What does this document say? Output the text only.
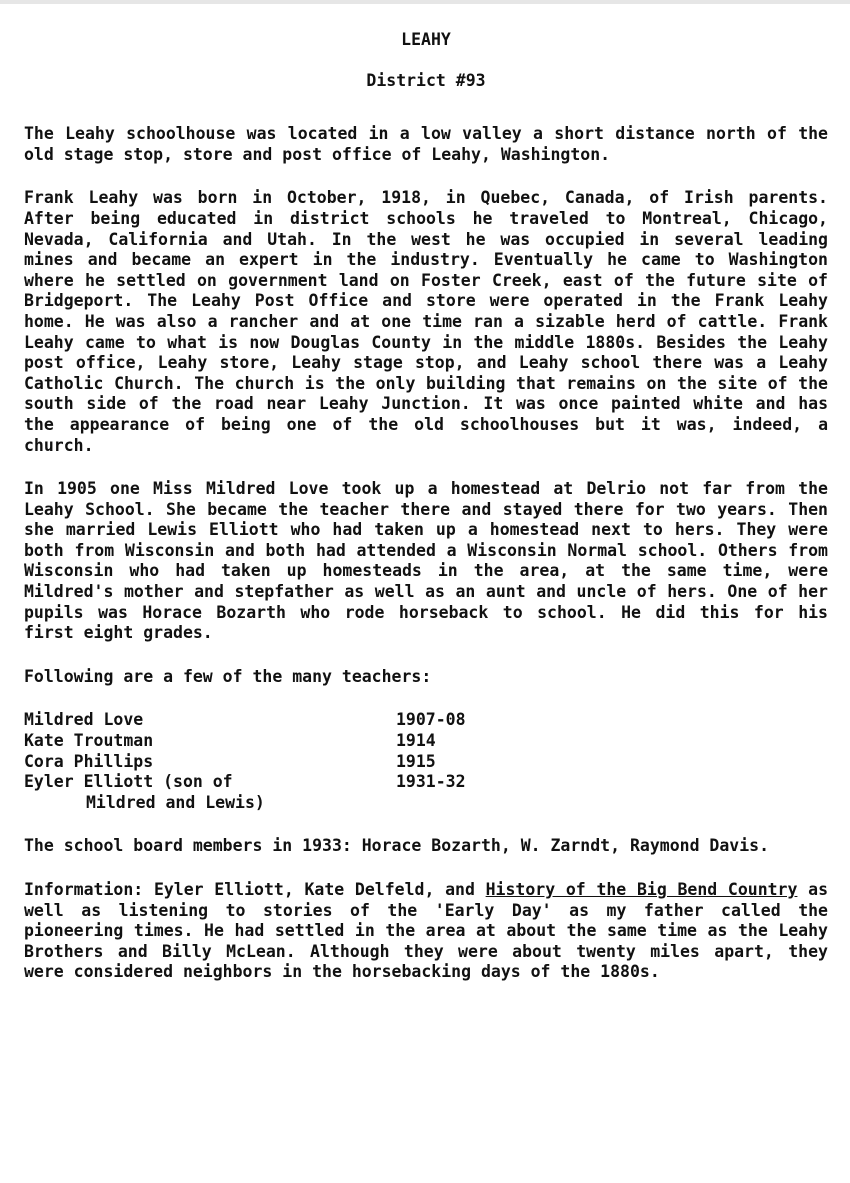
LEAHY
District #93

The Leahy schoolhouse was located in a low valley a short distance north of the old stage stop, store and post office of Leahy, Washington.

Frank Leahy was born in October, 1918, in Quebec, Canada, of Irish parents. After being educated in district schools he traveled to Montreal, Chicago, Nevada, California and Utah. In the west he was occupied in several leading mines and became an expert in the industry. Eventually he came to Washington where he settled on government land on Foster Creek, east of the future site of Bridgeport. The Leahy Post Office and store were operated in the Frank Leahy home. He was also a rancher and at one time ran a sizable herd of cattle. Frank Leahy came to what is now Douglas County in the middle 1880s. Besides the Leahy post office, Leahy store, Leahy stage stop, and Leahy school there was a Leahy Catholic Church. The church is the only building that remains on the site of the south side of the road near Leahy Junction. It was once painted white and has the appearance of being one of the old schoolhouses but it was, indeed, a church.

In 1905 one Miss Mildred Love took up a homestead at Delrio not far from the Leahy School. She became the teacher there and stayed there for two years. Then she married Lewis Elliott who had taken up a homestead next to hers. They were both from Wisconsin and both had attended a Wisconsin Normal school. Others from Wisconsin who had taken up homesteads in the area, at the same time, were Mildred's mother and stepfather as well as an aunt and uncle of hers. One of her pupils was Horace Bozarth who rode horseback to school. He did this for his first eight grades.

Following are a few of the many teachers:

Mildred Love	1907-08
Kate Troutman	1914
Cora Phillips	1915
Eyler Elliott (son of	1931-32
Mildred and Lewis)

The school board members in 1933: Horace Bozarth, W. Zarndt, Raymond Davis.

Information: Eyler Elliott, Kate Delfeld, and History of the Big Bend Country as well as listening to stories of the 'Early Day' as my father called the pioneering times. He had settled in the area at about the same time as the Leahy Brothers and Billy McLean. Although they were about twenty miles apart, they were considered neighbors in the horsebacking days of the 1880s.
